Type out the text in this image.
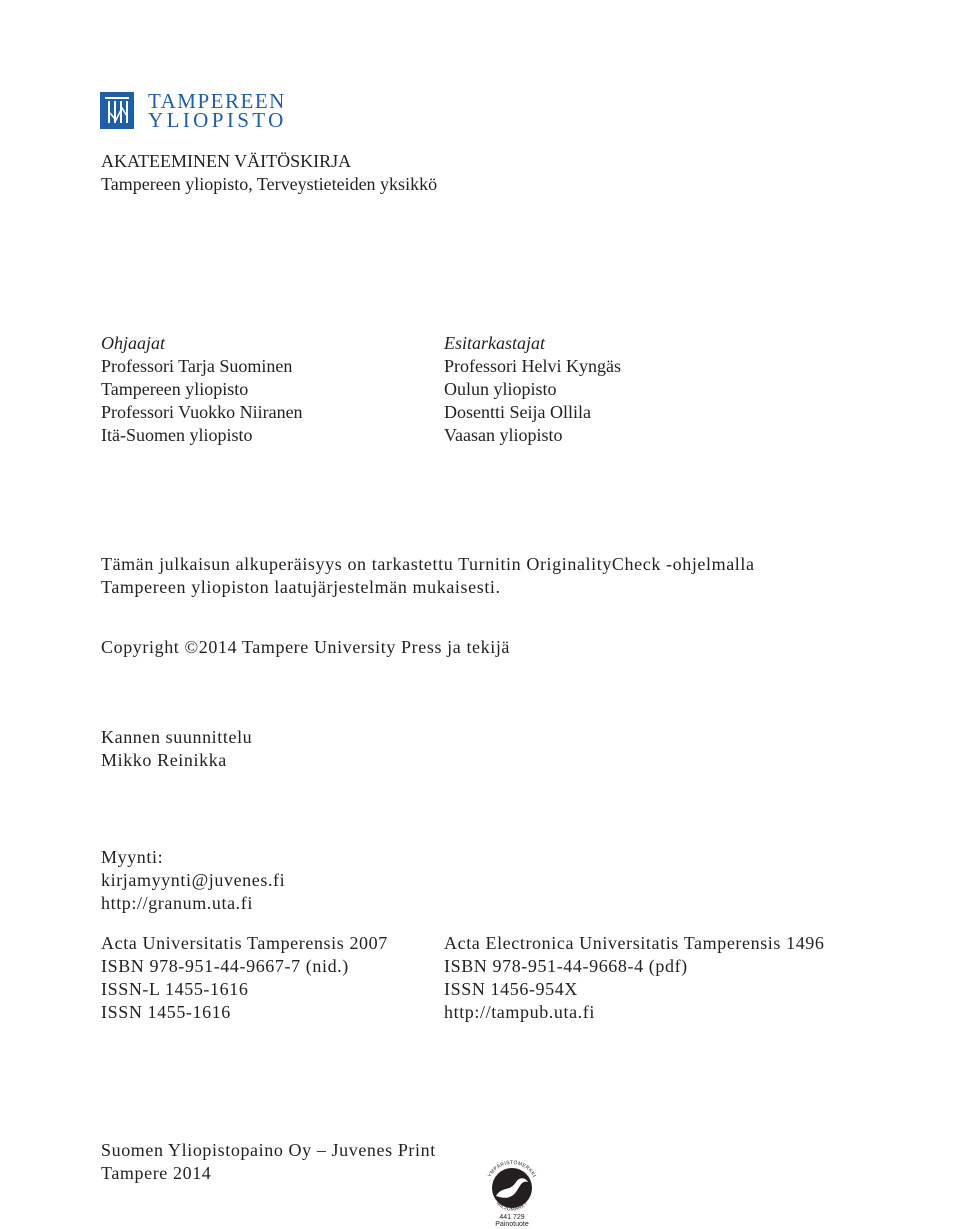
TAMPEREEN
YLIOPISTO
AKATEEMINEN VÄITÖSKIRJA
Tampereen yliopisto, Terveystieteiden yksikkö
Ohjaajat
Professori Tarja Suominen
Tampereen yliopisto
Professori Vuokko Niiranen
Itä-Suomen yliopisto
Esitarkastajat
Professori Helvi Kyngäs
Oulun yliopisto
Dosentti Seija Ollila
Vaasan yliopisto
Tämän julkaisun alkuperäisyys on tarkastettu Turnitin OriginalityCheck -ohjelmalla
Tampereen yliopiston laatujärjestelmän mukaisesti.
Copyright ©2014 Tampere University Press ja tekijä
Kannen suunnittelu
Mikko Reinikka
Myynti:
kirjamyynti@juvenes.fi
http://granum.uta.fi
Acta Universitatis Tamperensis 2007
ISBN 978-951-44-9667-7 (nid.)
ISSN-L 1455-1616
ISSN 1455-1616
Acta Electronica Universitatis Tamperensis 1496
ISBN 978-951-44-9668-4 (pdf)
ISSN 1456-954X
http://tampub.uta.fi
Suomen Yliopistopaino Oy – Juvenes Print
Tampere 2014	YMPÄRISTÖMERKKI
MILJÖMÄRKT
441 729
Painotuote
